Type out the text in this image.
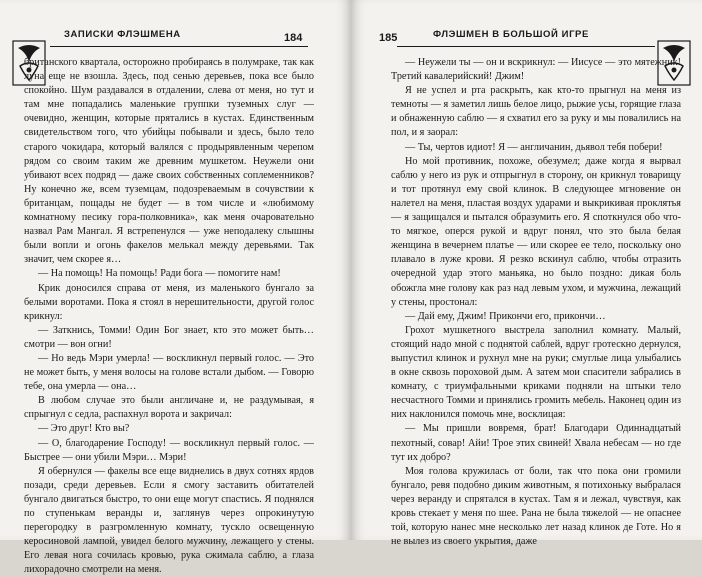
ЗАПИСКИ ФЛЭШМЕНА	184

британского квартала, осторожно пробираясь в полумраке, так как луна еще не взошла. Здесь, под сенью деревьев, пока все было спокойно. Шум раздавался в отдалении, слева от меня, но тут и там мне попадались маленькие группки туземных слуг — очевидно, женщин, которые прятались в кустах. Единственным свидетельством того, что убийцы побывали и здесь, было тело старого чокидара, который валялся с продырявленным черепом рядом со своим таким же древним мушкетом. Неужели они убивают всех подряд — даже своих собственных соплеменников? Ну конечно же, всем туземцам, подозреваемым в сочувствии к британцам, пощады не будет — в том числе и «любимому комнатному песику гора-полковника», как меня очаровательно назвал Рам Мангал. Я встрепенулся — уже неподалеку слышны были вопли и огонь факелов мелькал между деревьями. Так значит, чем скорее я…

— На помощь! На помощь! Ради бога — помогите нам!

Крик доносился справа от меня, из маленького бунгало за белыми воротами. Пока я стоял в нерешительности, другой голос крикнул:

— Заткнись, Томми! Один Бог знает, кто это может быть… смотри — вон огни!

— Но ведь Мэри умерла! — воскликнул первый голос. — Это не может быть, у меня волосы на голове встали дыбом. — Говорю тебе, она умерла — она…

В любом случае это были англичане и, не раздумывая, я спрыгнул с седла, распахнул ворота и закричал:

— Это друг! Кто вы?

— О, благодарение Господу! — воскликнул первый голос. — Быстрее — они убили Мэри… Мэри!

Я обернулся — факелы все еще виднелись в двух сотнях ярдов позади, среди деревьев. Если я смогу заставить обитателей бунгало двигаться быстро, то они еще могут спастись. Я поднялся по ступенькам веранды и, заглянув через опрокинутую перегородку в разгромленную комнату, тускло освещенную керосиновой лампой, увидел белого мужчину, лежащего у стены. Его левая нога сочилась кровью, рука сжимала саблю, а глаза лихорадочно смотрели на меня.

185	ФЛЭШМЕН В БОЛЬШОЙ ИГРЕ

— Неужели ты — он и вскрикнул: — Иисусе — это мятежник! Третий кавалерийский! Джим!

Я не успел и рта раскрыть, как кто-то прыгнул на меня из темноты — я заметил лишь белое лицо, рыжие усы, горящие глаза и обнаженную саблю — я схватил его за руку и мы повалились на пол, и я заорал:

— Ты, чертов идиот! Я — англичанин, дьявол тебя побери!

Но мой противник, похоже, обезумел; даже когда я вырвал саблю у него из рук и отпрыгнул в сторону, он крикнул товарищу и тот протянул ему свой клинок. В следующее мгновение он налетел на меня, пластая воздух ударами и выкрикивая проклятья — я защищался и пытался образумить его. Я споткнулся обо что-то мягкое, оперся рукой и вдруг понял, что это была белая женщина в вечернем платье — или скорее ее тело, поскольку оно плавало в луже крови. Я резко вскинул саблю, чтобы отразить очередной удар этого маньяка, но было поздно: дикая боль обожгла мне голову как раз над левым ухом, и мужчина, лежащий у стены, простонал:

— Дай ему, Джим! Прикончи его, прикончи…

Грохот мушкетного выстрела заполнил комнату. Малый, стоящий надо мной с поднятой саблей, вдруг гротескно дернулся, выпустил клинок и рухнул мне на руки; смуглые лица улыбались в окне сквозь пороховой дым. А затем мои спасители забрались в комнату, с триумфальными криками подняли на штыки тело несчастного Томми и принялись громить мебель. Наконец один из них наклонился помочь мне, восклицая:

— Мы пришли вовремя, брат! Благодари Одиннадцатый пехотный, совар! Айи! Трое этих свиней! Хвала небесам — но где тут их добро?

Моя голова кружилась от боли, так что пока они громили бунгало, ревя подобно диким животным, я потихоньку выбралася через веранду и спрятался в кустах. Там я и лежал, чувствуя, как кровь стекает у меня по шее. Рана не была тяжелой — не опаснее той, которую нанес мне несколько лет назад клинок де Готе. Но я не вылез из своего укрытия, даже
